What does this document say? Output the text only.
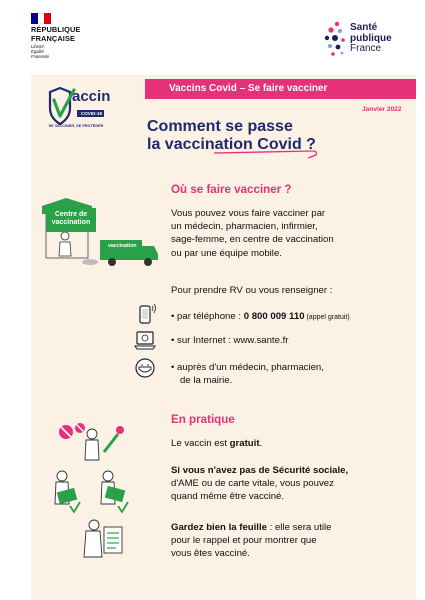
RÉPUBLIQUE
FRANÇAISE
Liberté
Égalité
Fraternité
Santé
publique
France
Vaccins Covid – Se faire vacciner
Janvier 2022
accin
COVID-19
SE VACCINER, SE PROTÉGER	Comment se passe
la vaccination Covid ?
Où se faire vacciner ?
Vous pouvez vous faire vacciner par
un médecin, pharmacien, infirmier,
sage-femme, en centre de vaccination
ou par une équipe mobile.
Centre de
vaccination
vaccination
Pour prendre RV ou vous renseigner :
• par téléphone : 0 800 009 110 (appel gratuit)
• sur Internet : www.sante.fr
• auprès d'un médecin, pharmacien,
de la mairie.
En pratique
Le vaccin est gratuit.
Si vous n'avez pas de Sécurité sociale,
d'AME ou de carte vitale, vous pouvez
quand même être vacciné.
Gardez bien la feuille : elle sera utile
pour le rappel et pour montrer que
vous êtes vacciné.
